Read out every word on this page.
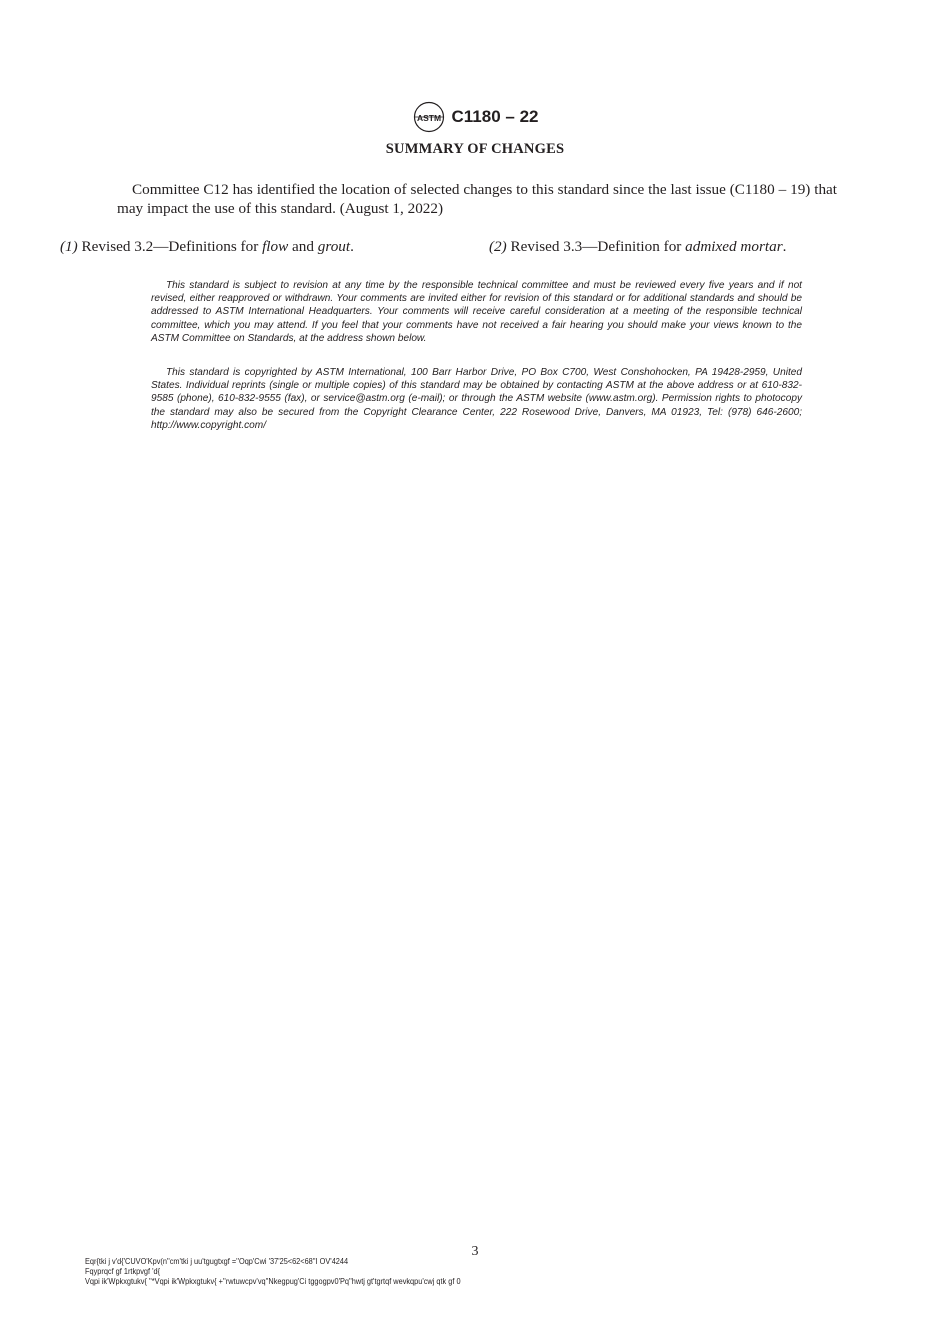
ASTM C1180 – 22
SUMMARY OF CHANGES

Committee C12 has identified the location of selected changes to this standard since the last issue (C1180 – 19) that may impact the use of this standard. (August 1, 2022)

(1) Revised 3.2—Definitions for flow and grout.	(2) Revised 3.3—Definition for admixed mortar.

This standard is subject to revision at any time by the responsible technical committee and must be reviewed every five years and if not revised, either reapproved or withdrawn. Your comments are invited either for revision of this standard or for additional standards and should be addressed to ASTM International Headquarters. Your comments will receive careful consideration at a meeting of the responsible technical committee, which you may attend. If you feel that your comments have not received a fair hearing you should make your views known to the ASTM Committee on Standards, at the address shown below.

This standard is copyrighted by ASTM International, 100 Barr Harbor Drive, PO Box C700, West Conshohocken, PA 19428-2959, United States. Individual reprints (single or multiple copies) of this standard may be obtained by contacting ASTM at the above address or at 610-832-9585 (phone), 610-832-9555 (fax), or service@astm.org (e-mail); or through the ASTM website (www.astm.org). Permission rights to photocopy the standard may also be secured from the Copyright Clearance Center, 222 Rosewood Drive, Danvers, MA 01923, Tel: (978) 646-2600; http://www.copyright.com/

3
Eqr{tki j v'd{'CUVO'Kpv(n''cm'tki j uu'tgugtxgf =''Oqp'Cwi '37'25<62<68''I OV'4244
Fqyprqcf gf 1rtkpvgf 'd{
Vqpi ik'Wpkxgtukv{ ''*Vqpi ik'Wpkxgtukv{ +''rwtuwcpv'vq''Nkegpug'Ci tggogpv0'Pq''hwtj gt'tgrtqf wevkqpu'cwj qtk gf 0
